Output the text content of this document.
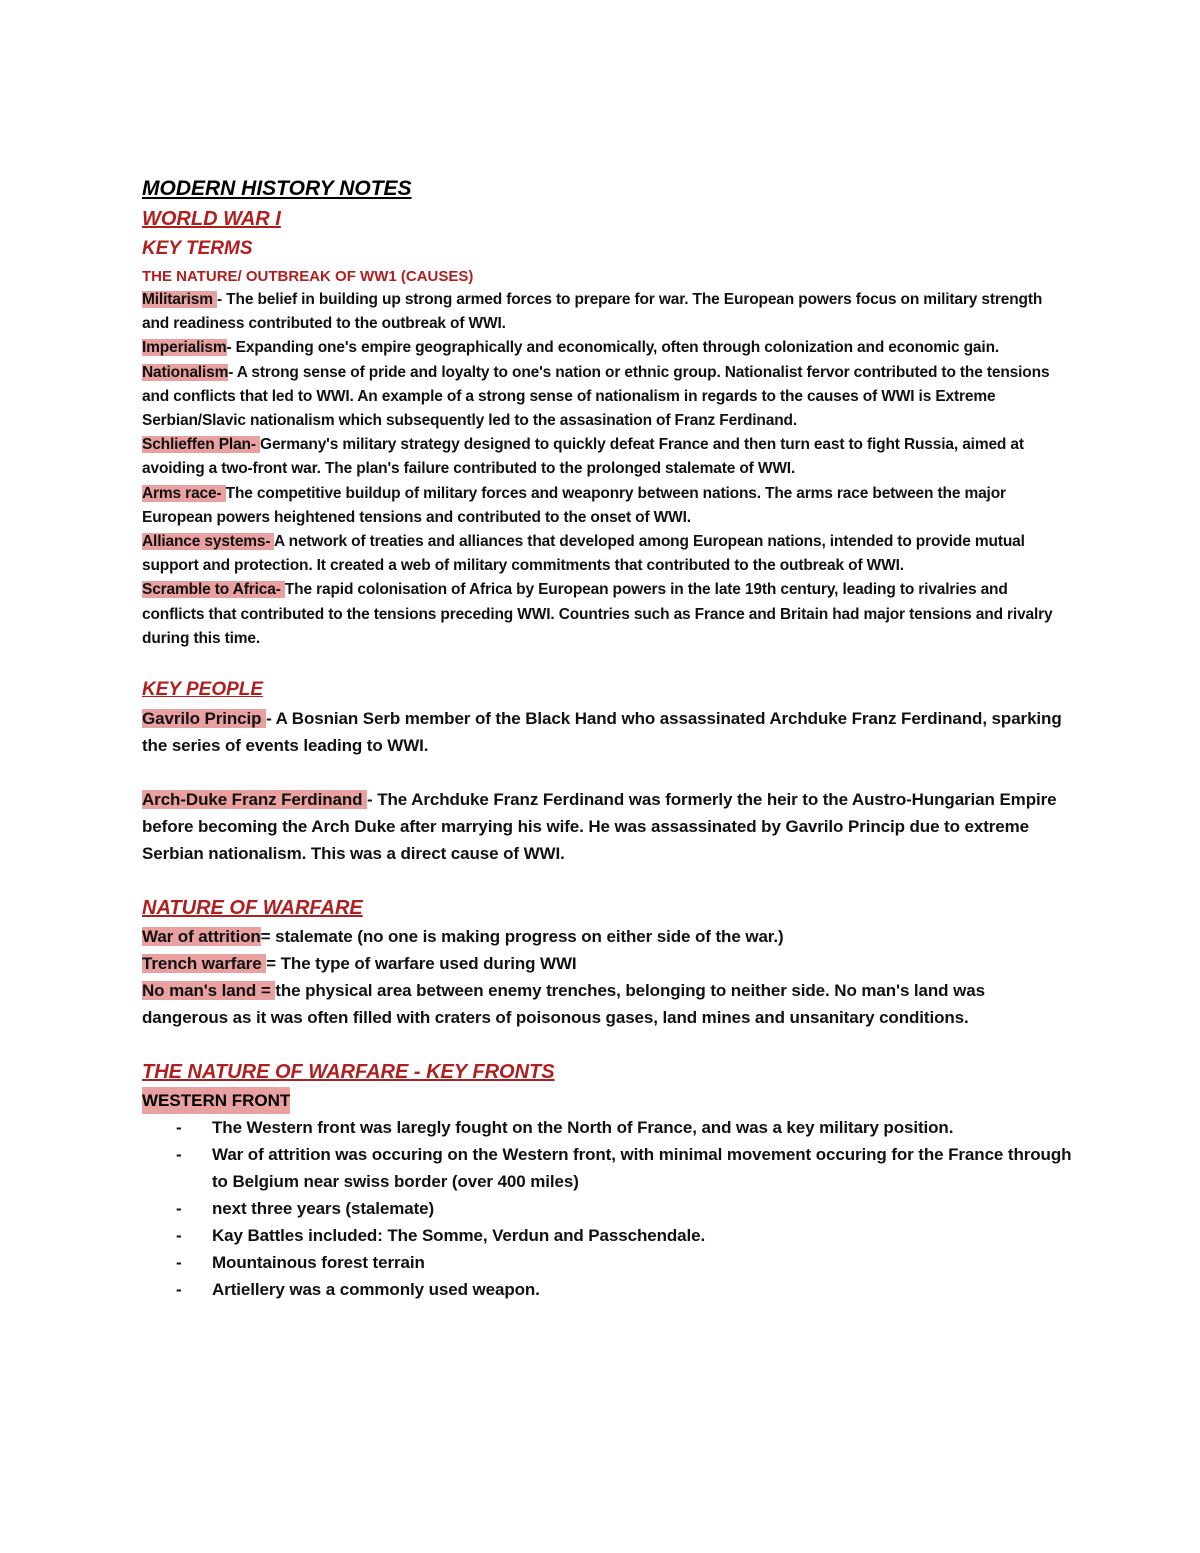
MODERN HISTORY NOTES
WORLD WAR I
KEY TERMS
THE NATURE/ OUTBREAK OF WW1 (CAUSES)
Militarism - The belief in building up strong armed forces to prepare for war. The European powers focus on military strength and readiness contributed to the outbreak of WWI.
Imperialism- Expanding one's empire geographically and economically, often through colonization and economic gain.
Nationalism- A strong sense of pride and loyalty to one's nation or ethnic group. Nationalist fervor contributed to the tensions and conflicts that led to WWI. An example of a strong sense of nationalism in regards to the causes of WWI is Extreme Serbian/Slavic nationalism which subsequently led to the assasination of Franz Ferdinand.
Schlieffen Plan- Germany's military strategy designed to quickly defeat France and then turn east to fight Russia, aimed at avoiding a two-front war. The plan's failure contributed to the prolonged stalemate of WWI.
Arms race- The competitive buildup of military forces and weaponry between nations. The arms race between the major European powers heightened tensions and contributed to the onset of WWI.
Alliance systems- A network of treaties and alliances that developed among European nations, intended to provide mutual support and protection. It created a web of military commitments that contributed to the outbreak of WWI.
Scramble to Africa- The rapid colonisation of Africa by European powers in the late 19th century, leading to rivalries and conflicts that contributed to the tensions preceding WWI. Countries such as France and Britain had major tensions and rivalry during this time.
KEY PEOPLE
Gavrilo Princip - A Bosnian Serb member of the Black Hand who assassinated Archduke Franz Ferdinand, sparking the series of events leading to WWI.
Arch-Duke Franz Ferdinand - The Archduke Franz Ferdinand was formerly the heir to the Austro-Hungarian Empire before becoming the Arch Duke after marrying his wife. He was assassinated by Gavrilo Princip due to extreme Serbian nationalism. This was a direct cause of WWI.
NATURE OF WARFARE
War of attrition= stalemate (no one is making progress on either side of the war.)
Trench warfare = The type of warfare used during WWI
No man's land = the physical area between enemy trenches, belonging to neither side. No man's land was dangerous as it was often filled with craters of poisonous gases, land mines and unsanitary conditions.
THE NATURE OF WARFARE - KEY FRONTS
WESTERN FRONT
- The Western front was laregly fought on the North of France, and was a key military position.
- War of attrition was occuring on the Western front, with minimal movement occuring for the France through to Belgium near swiss border (over 400 miles)
- next three years (stalemate)
- Kay Battles included: The Somme, Verdun and Passchendale.
- Mountainous forest terrain
- Artiellery was a commonly used weapon.
